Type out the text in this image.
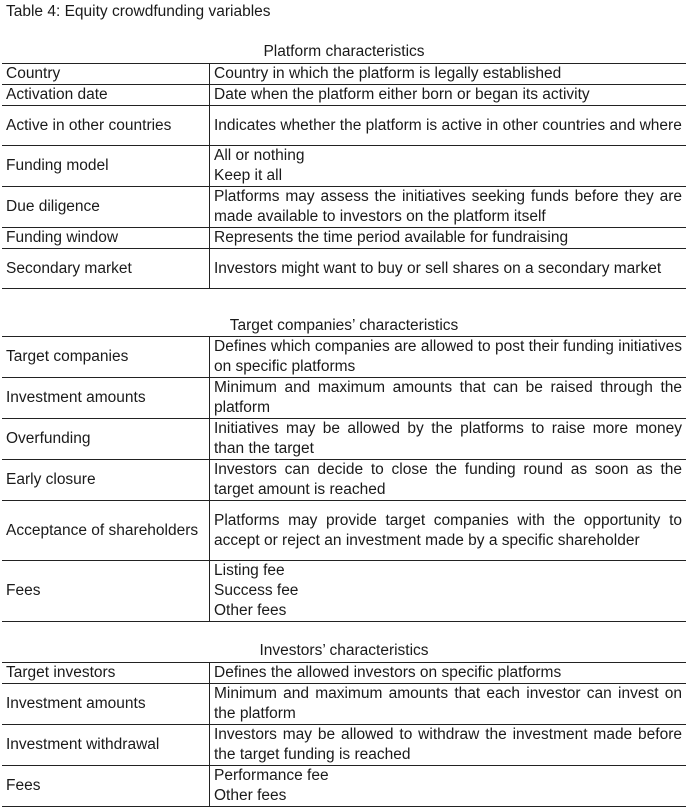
Table 4: Equity crowdfunding variables
Platform characteristics
Country	Country in which the platform is legally established
Activation date	Date when the platform either born or began its activity
Active in other countries	Indicates whether the platform is active in other countries and where
Funding model	All or nothing
Keep it all

Due diligence	Platforms may assess the initiatives seeking funds before they are made available to investors on the platform itself
Funding window	Represents the time period available for fundraising
Secondary market	Investors might want to buy or sell shares on a secondary market
Target companies’ characteristics
Target companies	Defines which companies are allowed to post their funding initiatives on specific platforms
Investment amounts	Minimum and maximum amounts that can be raised through the platform
Overfunding	Initiatives may be allowed by the platforms to raise more money than the target
Early closure	Investors can decide to close the funding round as soon as the target amount is reached
Acceptance of shareholders	Platforms may provide target companies with the opportunity to accept or reject an investment made by a specific shareholder
Fees	Listing fee
Success fee
Other fees
Investors’ characteristics
Target investors	Defines the allowed investors on specific platforms
Investment amounts	Minimum and maximum amounts that each investor can invest on the platform
Investment withdrawal	Investors may be allowed to withdraw the investment made before the target funding is reached
Fees	Performance fee
Other fees
